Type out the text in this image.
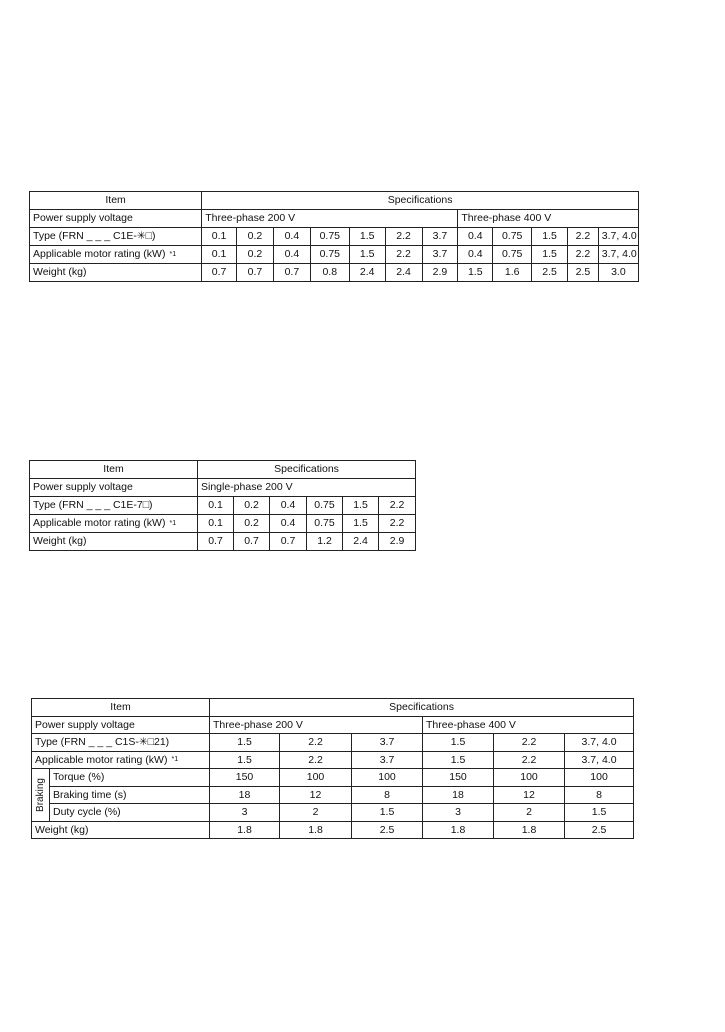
Item	Specifications											
Power supply voltage	Three-phase 200 V							Three-phase 400 V				
Type (FRN _ _ _ C1E-✳□)	0.1	0.2	0.4	0.75	1.5	2.2	3.7	0.4	0.75	1.5	2.2	3.7, 4.0
Applicable motor rating (kW) $^{*1}$	0.1	0.2	0.4	0.75	1.5	2.2	3.7	0.4	0.75	1.5	2.2	3.7, 4.0
Weight (kg)	0.7	0.7	0.7	0.8	2.4	2.4	2.9	1.5	1.6	2.5	2.5	3.0
Item	Specifications					
Power supply voltage	Single-phase 200 V					
Type (FRN _ _ _ C1E-7□)	0.1	0.2	0.4	0.75	1.5	2.2
Applicable motor rating (kW) $^{*1}$	0.1	0.2	0.4	0.75	1.5	2.2
Weight (kg)	0.7	0.7	0.7	1.2	2.4	2.9
Item		Specifications					
Power supply voltage		Three-phase 200 V			Three-phase 400 V		
Type (FRN _ _ _ C1S-✳□21)		1.5	2.2	3.7	1.5	2.2	3.7, 4.0
Applicable motor rating (kW) $^{*1}$		1.5	2.2	3.7	1.5	2.2	3.7, 4.0

Braking	Torque (%)	150	100	100	150	100	100
	Braking time (s)	18	12	8	18	12	8
	Duty cycle (%)	3	2	1.5	3	2	1.5
Weight (kg)		1.8	1.8	2.5	1.8	1.8	2.5
